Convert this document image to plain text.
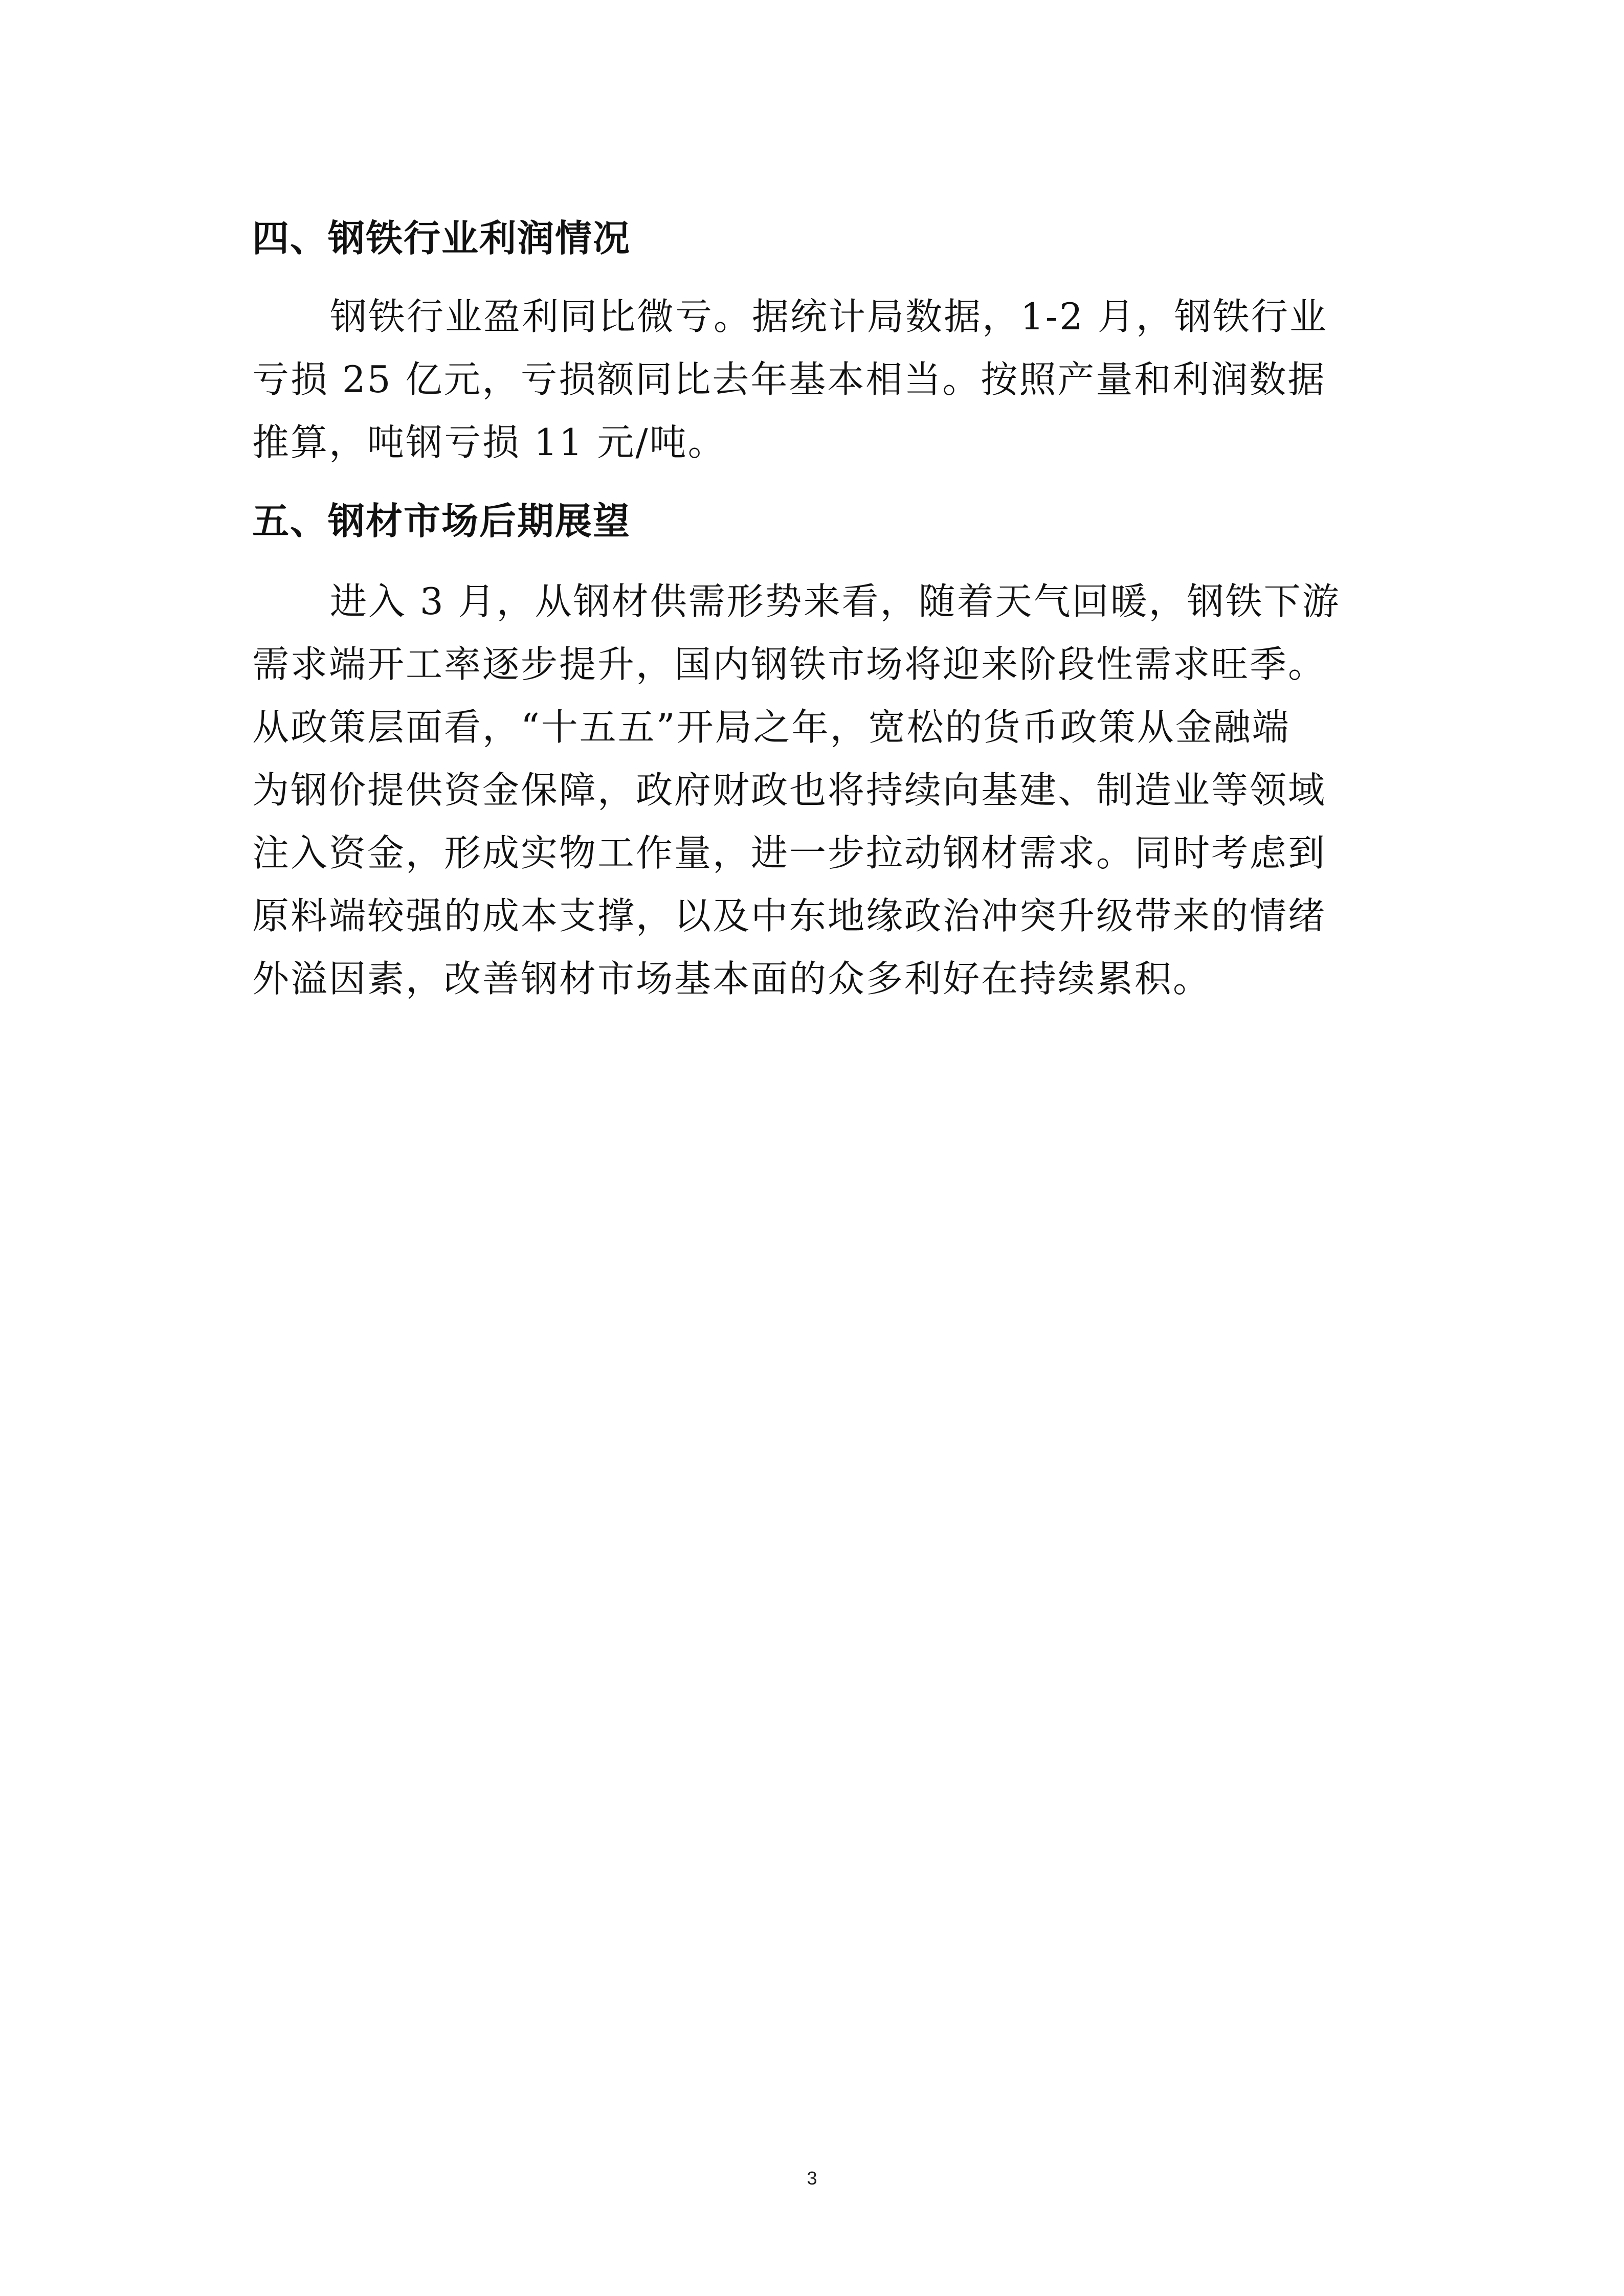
四、钢铁行业利润情况
钢铁行业盈利同比微亏。据统计局数据，1-2 月，钢铁行业
亏损 25 亿元，亏损额同比去年基本相当。按照产量和利润数据
推算，吨钢亏损 11 元/吨。
五、钢材市场后期展望
进入 3 月，从钢材供需形势来看，随着天气回暖，钢铁下游
需求端开工率逐步提升，国内钢铁市场将迎来阶段性需求旺季。
从政策层面看，“十五五”开局之年，宽松的货币政策从金融端
为钢价提供资金保障，政府财政也将持续向基建、制造业等领域
注入资金，形成实物工作量，进一步拉动钢材需求。同时考虑到
原料端较强的成本支撑，以及中东地缘政治冲突升级带来的情绪
外溢因素，改善钢材市场基本面的众多利好在持续累积。
3
